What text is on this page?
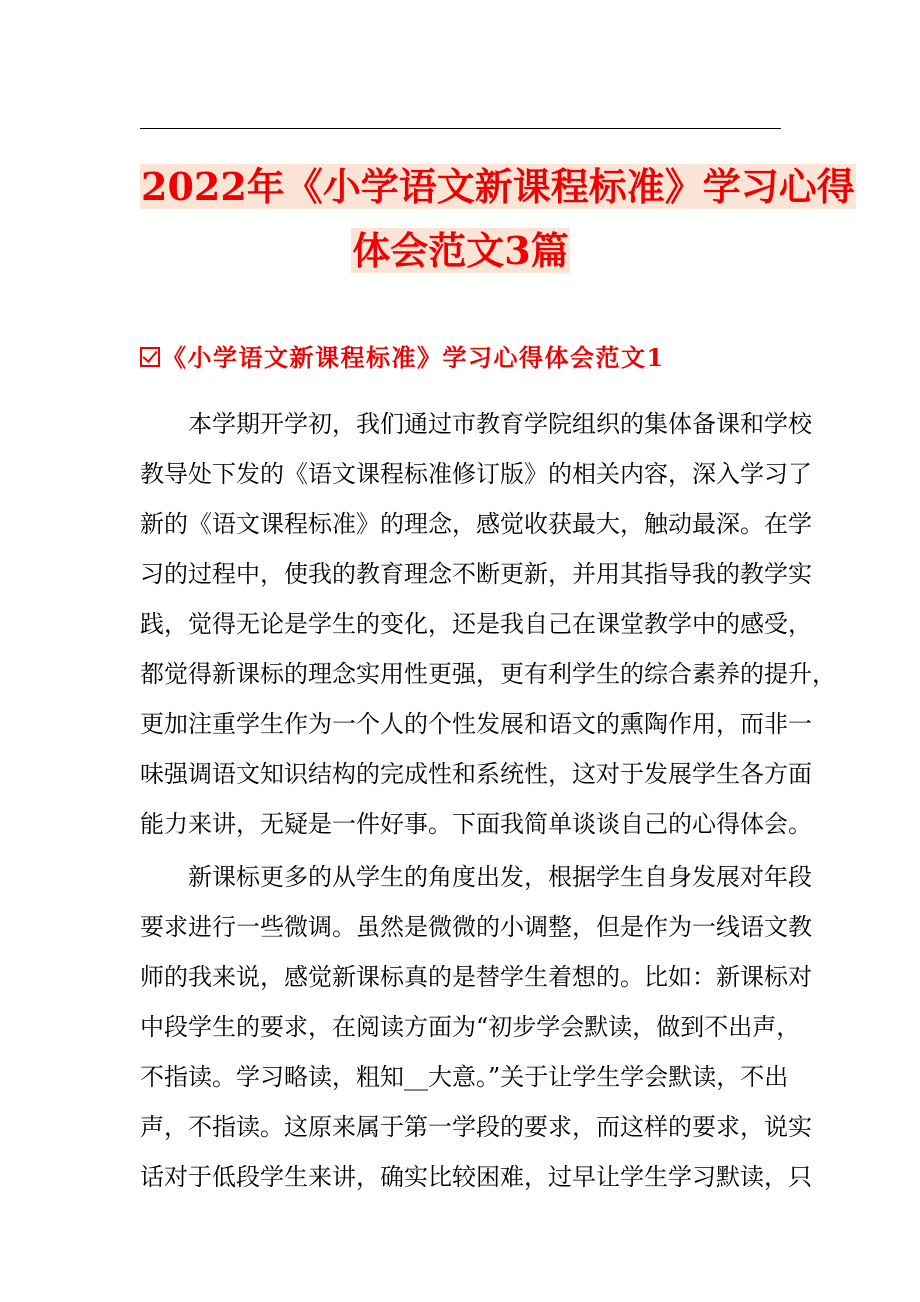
2022年《小学语文新课程标准》学习心得
体会范文3篇
《小学语文新课程标准》学习心得体会范文1
本学期开学初，我们通过市教育学院组织的集体备课和学校
教导处下发的《语文课程标准修订版》的相关内容，深入学习了
新的《语文课程标准》的理念，感觉收获最大，触动最深。在学
习的过程中，使我的教育理念不断更新，并用其指导我的教学实
践，觉得无论是学生的变化，还是我自己在课堂教学中的感受，
都觉得新课标的理念实用性更强，更有利学生的综合素养的提升，
更加注重学生作为一个人的个性发展和语文的熏陶作用，而非一
味强调语文知识结构的完成性和系统性，这对于发展学生各方面
能力来讲，无疑是一件好事。下面我简单谈谈自己的心得体会。
新课标更多的从学生的角度出发，根据学生自身发展对年段
要求进行一些微调。虽然是微微的小调整，但是作为一线语文教
师的我来说，感觉新课标真的是替学生着想的。比如：新课标对
中段学生的要求，在阅读方面为“初步学会默读，做到不出声，
不指读。学习略读，粗知__大意。”关于让学生学会默读，不出
声，不指读。这原来属于第一学段的要求，而这样的要求，说实
话对于低段学生来讲，确实比较困难，过早让学生学习默读，只
